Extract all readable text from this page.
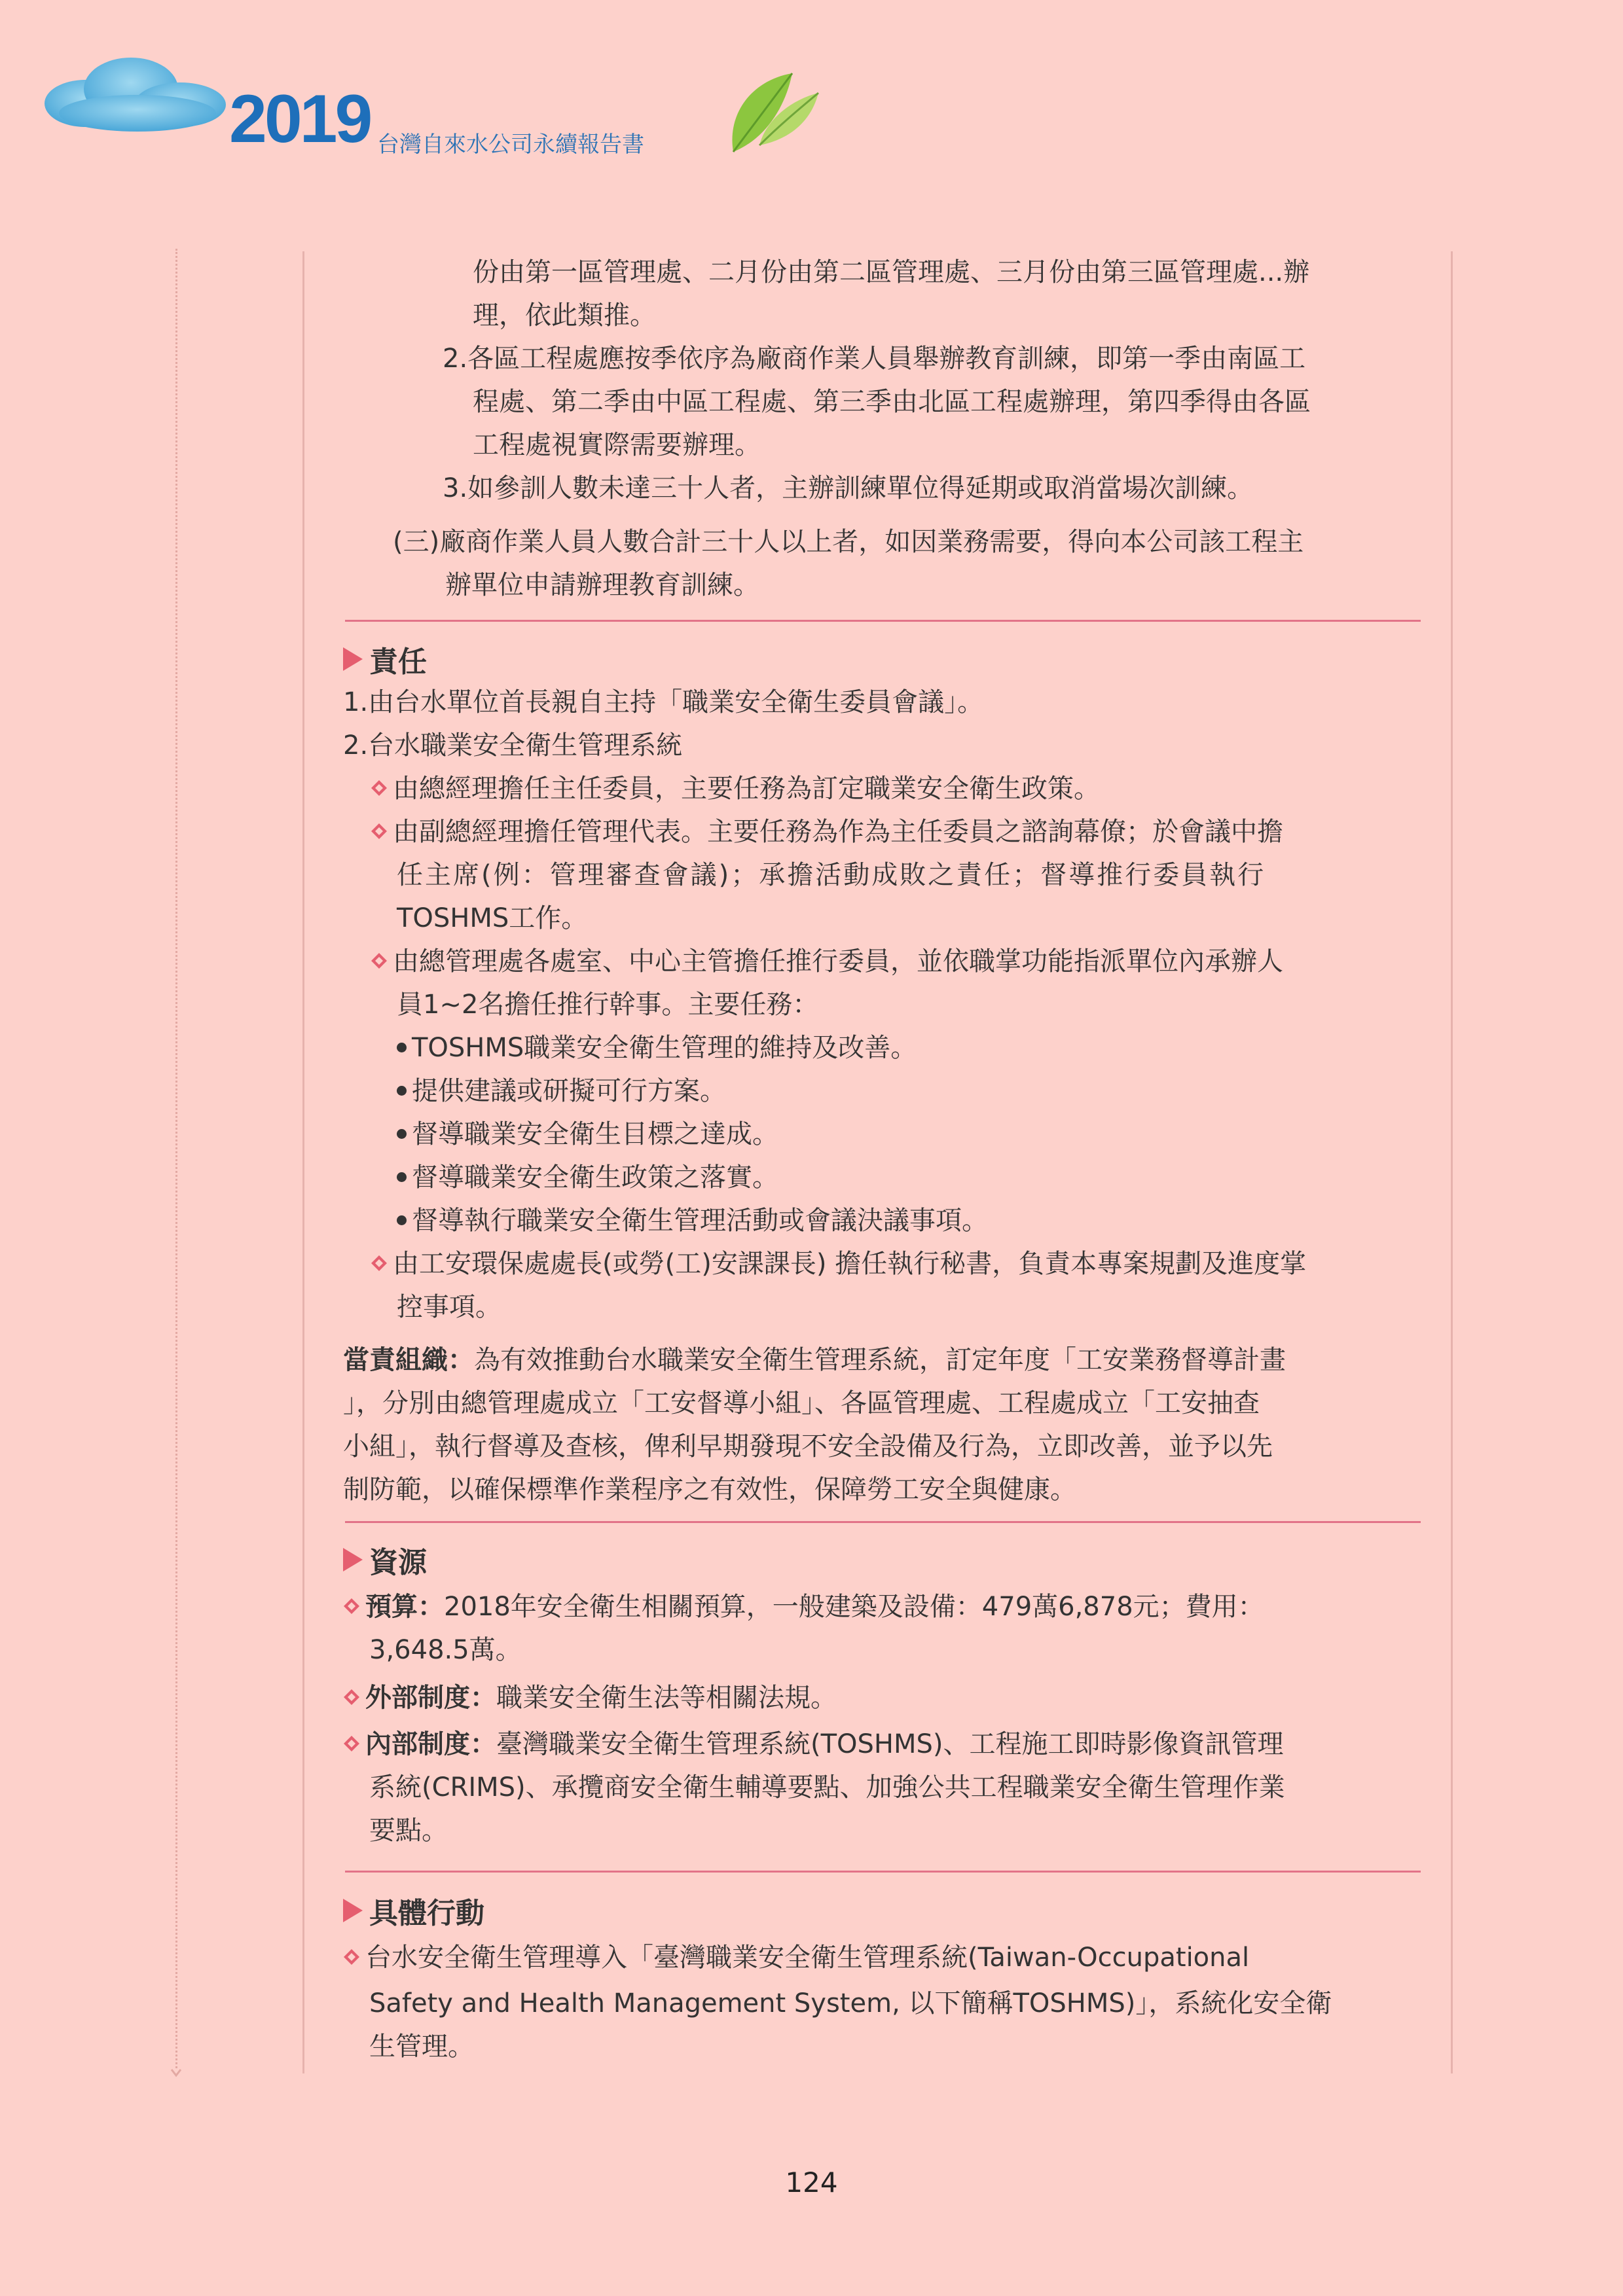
2019 台灣自來水公司永續報告書
份由第一區管理處、二月份由第二區管理處、三月份由第三區管理處...辦
理，依此類推。
2.各區工程處應按季依序為廠商作業人員舉辦教育訓練，即第一季由南區工
程處、第二季由中區工程處、第三季由北區工程處辦理，第四季得由各區
工程處視實際需要辦理。
3.如參訓人數未達三十人者，主辦訓練單位得延期或取消當場次訓練。
(三)廠商作業人員人數合計三十人以上者，如因業務需要，得向本公司該工程主
辦單位申請辦理教育訓練。
責任
1.由台水單位首長親自主持「職業安全衛生委員會議」。
2.台水職業安全衛生管理系統
由總經理擔任主任委員，主要任務為訂定職業安全衛生政策。
由副總經理擔任管理代表。主要任務為作為主任委員之諮詢幕僚；於會議中擔
任主席(例：管理審查會議)；承擔活動成敗之責任；督導推行委員執行
TOSHMS工作。
由總管理處各處室、中心主管擔任推行委員，並依職掌功能指派單位內承辦人
員1~2名擔任推行幹事。主要任務：
TOSHMS職業安全衛生管理的維持及改善。
提供建議或研擬可行方案。
督導職業安全衛生目標之達成。
督導職業安全衛生政策之落實。
督導執行職業安全衛生管理活動或會議決議事項。
由工安環保處處長(或勞(工)安課課長) 擔任執行秘書，負責本專案規劃及進度掌
控事項。
當責組織：為有效推動台水職業安全衛生管理系統，訂定年度「工安業務督導計畫
」，分別由總管理處成立「工安督導小組」、各區管理處、工程處成立「工安抽查
小組」，執行督導及查核，俾利早期發現不安全設備及行為，立即改善，並予以先
制防範，以確保標準作業程序之有效性，保障勞工安全與健康。
資源
預算：2018年安全衛生相關預算，一般建築及設備：479萬6,878元；費用：
3,648.5萬。
外部制度：職業安全衛生法等相關法規。
內部制度：臺灣職業安全衛生管理系統(TOSHMS)、工程施工即時影像資訊管理
系統(CRIMS)、承攬商安全衛生輔導要點、加強公共工程職業安全衛生管理作業
要點。
具體行動
台水安全衛生管理導入「臺灣職業安全衛生管理系統(Taiwan-Occupational
Safety and Health Management System, 以下簡稱TOSHMS)」，系統化安全衛
生管理。
124
